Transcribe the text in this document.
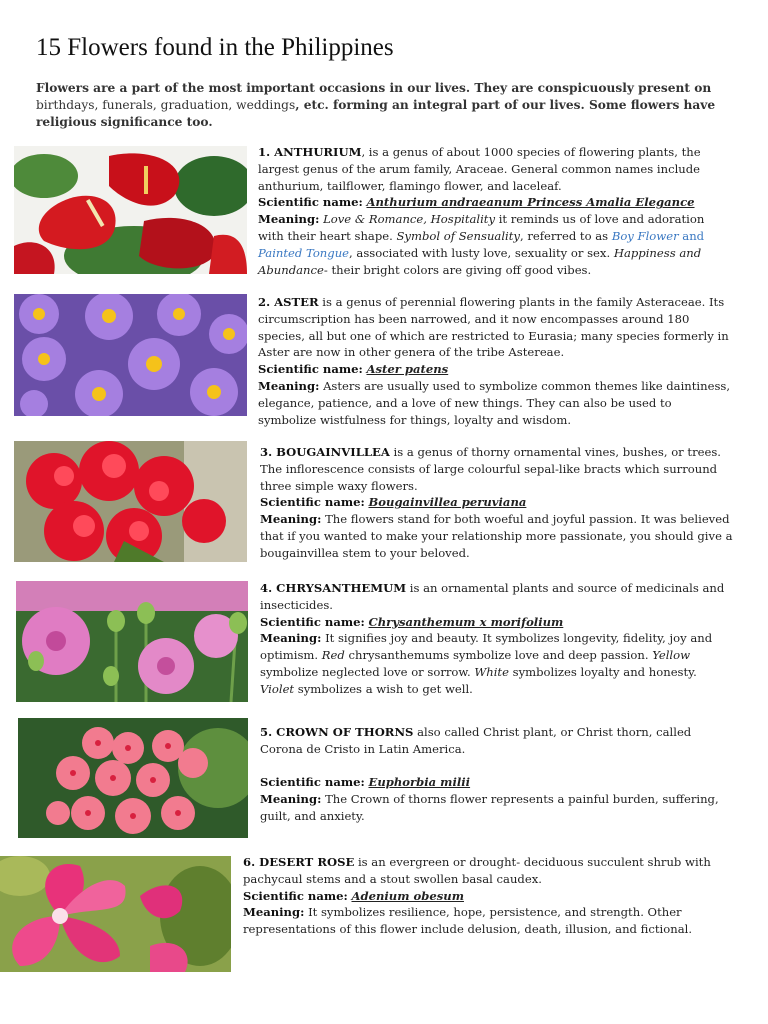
15 Flowers found in the Philippines
Flowers are a part of the most important occasions in our lives. They are conspicuously present on birthdays, funerals, graduation, weddings, etc. forming an integral part of our lives. Some flowers have religious significance too.
1. ANTHURIUM, is a genus of about 1000 species of flowering plants, the largest genus of the arum family, Araceae. General common names include anthurium, tailflower, flamingo flower, and laceleaf.
Scientific name: Anthurium andraeanum Princess Amalia Elegance
Meaning: Love & Romance, Hospitality it reminds us of love and adoration with their heart shape. Symbol of Sensuality, referred to as Boy Flower and Painted Tongue, associated with lusty love, sexuality or sex. Happiness and Abundance- their bright colors are giving off good vibes.
2. ASTER is a genus of perennial flowering plants in the family Asteraceae. Its circumscription has been narrowed, and it now encompasses around 180 species, all but one of which are restricted to Eurasia; many species formerly in Aster are now in other genera of the tribe Astereae.
Scientific name: Aster patens
Meaning: Asters are usually used to symbolize common themes like daintiness, elegance, patience, and a love of new things. They can also be used to symbolize wistfulness for things, loyalty and wisdom.
3. BOUGAINVILLEA is a genus of thorny ornamental vines, bushes, or trees. The inflorescence consists of large colourful sepal-like bracts which surround three simple waxy flowers.
Scientific name: Bougainvillea peruviana
Meaning: The flowers stand for both woeful and joyful passion. It was believed that if you wanted to make your relationship more passionate, you should give a bougainvillea stem to your beloved.
4. CHRYSANTHEMUM is an ornamental plants and source of medicinals and insecticides.
Scientific name: Chrysanthemum x morifolium
Meaning: It signifies joy and beauty. It symbolizes longevity, fidelity, joy and optimism. Red chrysanthemums symbolize love and deep passion. Yellow symbolize neglected love or sorrow. White symbolizes loyalty and honesty. Violet symbolizes a wish to get well.
5. CROWN OF THORNS also called Christ plant, or Christ thorn, called Corona de Cristo in Latin America.

Scientific name: Euphorbia milii
Meaning: The Crown of thorns flower represents a painful burden, suffering, guilt, and anxiety.
6. DESERT ROSE is an evergreen or drought- deciduous succulent shrub with pachycaul stems and a stout swollen basal caudex.
Scientific name: Adenium obesum
Meaning: It symbolizes resilience, hope, persistence, and strength. Other representations of this flower include delusion, death, illusion, and fictional.
